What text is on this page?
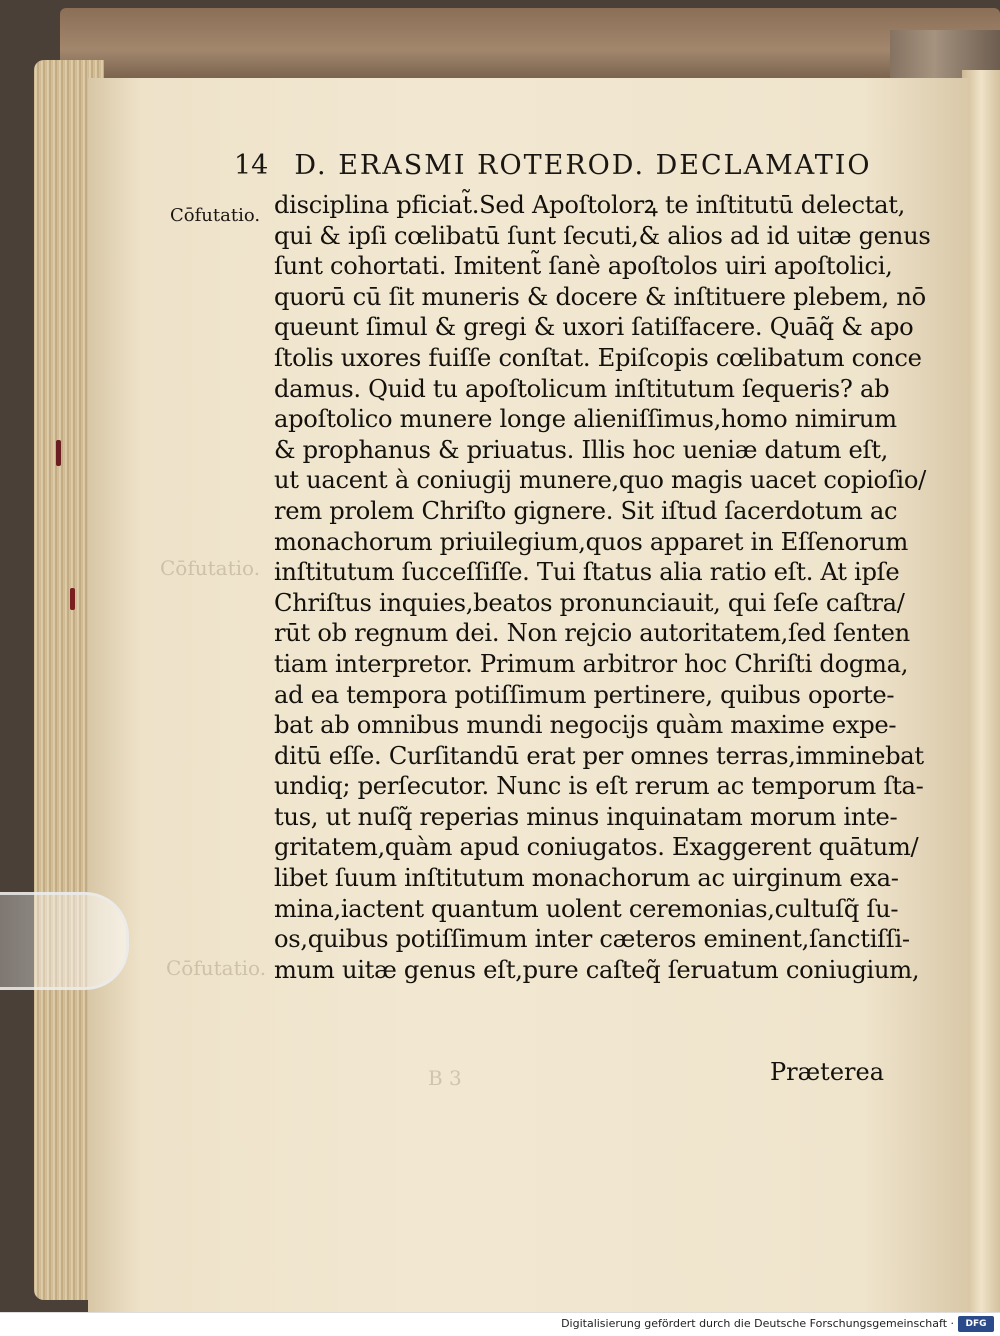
Cōfutatio.
Cōfutatio.
B 3
14 D. ERASMI ROTEROD. DECLAMATIO
Cōfutatio. disciplina pficiat̃.Sed Apoſtolorꝝ te inſtitutū delectat,
qui & ipſi cœlibatū ſunt ſecuti,& alios ad id uitæ genus
ſunt cohortati. Imitent̃ ſanè apoſtolos uiri apoſtolici,
quorū cū ſit muneris & docere & inſtituere plebem, nō
queunt ſimul & gregi & uxori ſatiſfacere. Quāq̃ & apo
ſtolis uxores fuiſſe conſtat. Epiſcopis cœlibatum conce
damus. Quid tu apoſtolicum inſtitutum ſequeris? ab
apoſtolico munere longe alieniſſimus,homo nimirum
& prophanus & priuatus. Illis hoc ueniæ datum eſt,
ut uacent à coniugij munere,quo magis uacet copioſio/
rem prolem Chriſto gignere. Sit iſtud ſacerdotum ac
monachorum priuilegium,quos apparet in Eſſenorum
inſtitutum ſucceſſiſſe. Tui ſtatus alia ratio eſt. At ipſe
Chriſtus inquies,beatos pronunciauit, qui ſeſe caſtra/
rūt ob regnum dei. Non rejcio autoritatem,ſed ſenten
tiam interpretor. Primum arbitror hoc Chriſti dogma,
ad ea tempora potiſſimum pertinere, quibus oporte-
bat ab omnibus mundi negocijs quàm maxime expe-
ditū eſſe. Curſitandū erat per omnes terras,imminebat
undiq; perſecutor. Nunc is eſt rerum ac temporum ſta-
tus, ut nuſq̃ reperias minus inquinatam morum inte-
gritatem,quàm apud coniugatos. Exaggerent quātum/
libet ſuum inſtitutum monachorum ac uirginum exa-
mina,iactent quantum uolent ceremonias,cultuſq̃ ſu-
os,quibus potiſſimum inter cæteros eminent,ſanctiſſi-
mum uitæ genus eſt,pure caſteq̃ ſeruatum coniugium,
Præterea
Digitalisierung gefördert durch die Deutsche Forschungsgemeinschaft ·	DFG
